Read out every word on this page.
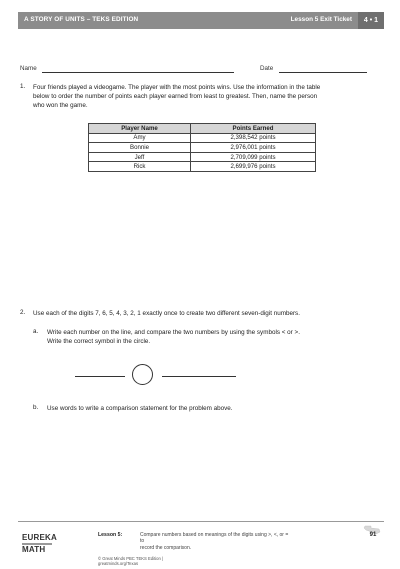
A STORY OF UNITS – TEKS EDITION	Lesson 5 Exit Ticket	4 • 1
Name	Date
1. Four friends played a videogame. The player with the most points wins. Use the information in the table
below to order the number of points each player earned from least to greatest. Then, name the person
who won the game.
Player Name	Points Earned
Amy	2,398,542 points
Bonnie	2,976,001 points
Jeff	2,709,099 points
Rick	2,699,976 points
2. Use each of the digits 7, 6, 5, 4, 3, 2, 1 exactly once to create two different seven-digit numbers.
a. Write each number on the line, and compare the two numbers by using the symbols < or >.
Write the correct symbol in the circle.
b. Use words to write a comparison statement for the problem above.
EUREKA
MATH
Lesson 5:	Compare numbers based on meanings of the digits using >, <, or = to
record the comparison.
© Great Minds PBC TEKS Edition |
greatminds.org/Texas
91
